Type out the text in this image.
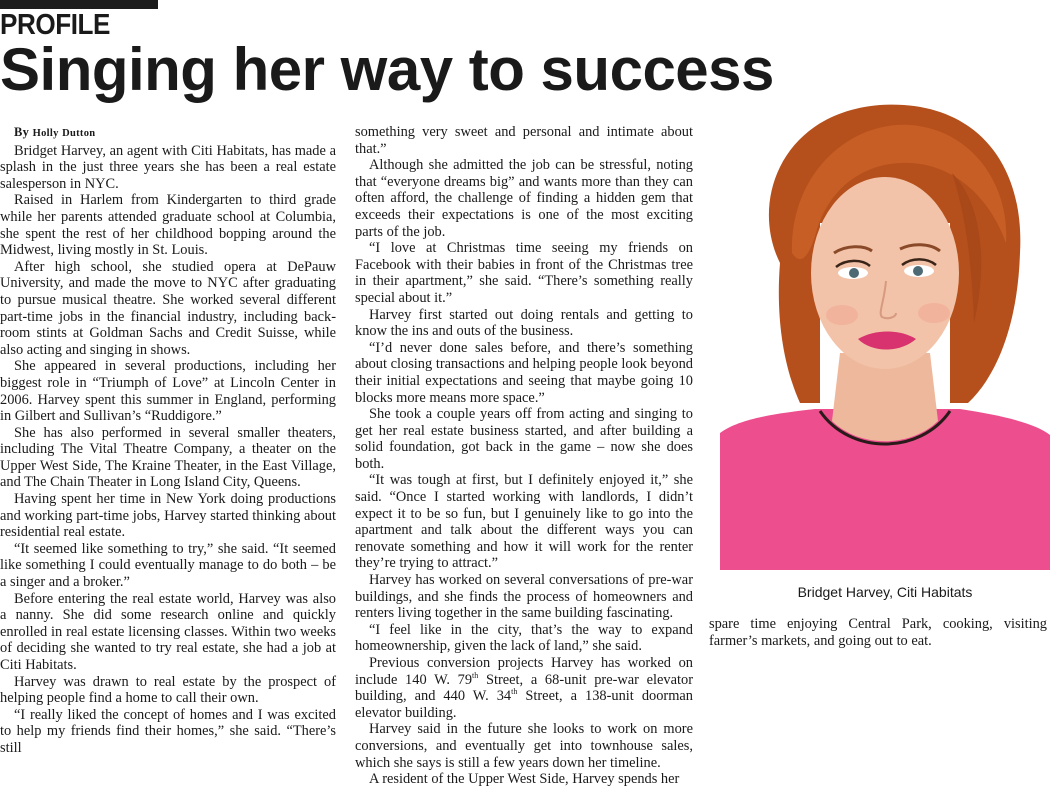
PROFILE
Singing her way to success

By Holly Dutton

Bridget Harvey, an agent with Citi Habitats, has made a splash in the just three years she has been a real estate salesperson in NYC.

Raised in Harlem from Kindergarten to third grade while her parents attended graduate school at Columbia, she spent the rest of her childhood bopping around the Midwest, living mostly in St. Louis.

After high school, she studied opera at DePauw University, and made the move to NYC after graduating to pursue musical theatre. She worked several different part-time jobs in the financial industry, including back-room stints at Goldman Sachs and Credit Suisse, while also acting and singing in shows.

She appeared in several productions, including her biggest role in “Triumph of Love” at Lincoln Center in 2006. Harvey spent this summer in England, performing in Gilbert and Sullivan’s “Ruddigore.”

She has also performed in several smaller theaters, including The Vital Theatre Company, a theater on the Upper West Side, The Kraine Theater, in the East Village, and The Chain Theater in Long Island City, Queens.

Having spent her time in New York doing productions and working part-time jobs, Harvey started thinking about residential real estate.

“It seemed like something to try,” she said. “It seemed like something I could eventually manage to do both – be a singer and a broker.”

Before entering the real estate world, Harvey was also a nanny. She did some research online and quickly enrolled in real estate licensing classes. Within two weeks of deciding she wanted to try real estate, she had a job at Citi Habitats.

Harvey was drawn to real estate by the prospect of helping people find a home to call their own.

“I really liked the concept of homes and I was excited to help my friends find their homes,” she said. “There’s still

something very sweet and personal and intimate about that.”

Although she admitted the job can be stressful, noting that “everyone dreams big” and wants more than they can often afford, the challenge of finding a hidden gem that exceeds their expectations is one of the most exciting parts of the job.

“I love at Christmas time seeing my friends on Facebook with their babies in front of the Christmas tree in their apartment,” she said. “There’s something really special about it.”

Harvey first started out doing rentals and getting to know the ins and outs of the business.

“I’d never done sales before, and there’s something about closing transactions and helping people look beyond their initial expectations and seeing that maybe going 10 blocks more means more space.”

She took a couple years off from acting and singing to get her real estate business started, and after building a solid foundation, got back in the game – now she does both.

“It was tough at first, but I definitely enjoyed it,” she said. “Once I started working with landlords, I didn’t expect it to be so fun, but I genuinely like to go into the apartment and talk about the different ways you can renovate something and how it will work for the renter they’re trying to attract.”

Harvey has worked on several conversations of pre-war buildings, and she finds the process of homeowners and renters living together in the same building fascinating.

“I feel like in the city, that’s the way to expand homeownership, given the lack of land,” she said.

Previous conversion projects Harvey has worked on include 140 W. 79th Street, a 68-unit pre-war elevator building, and 440 W. 34th Street, a 138-unit doorman elevator building.

Harvey said in the future she looks to work on more conversions, and eventually get into townhouse sales, which she says is still a few years down her timeline.

A resident of the Upper West Side, Harvey spends her

Bridget Harvey, Citi Habitats

spare time enjoying Central Park, cooking, visiting farmer’s markets, and going out to eat.
